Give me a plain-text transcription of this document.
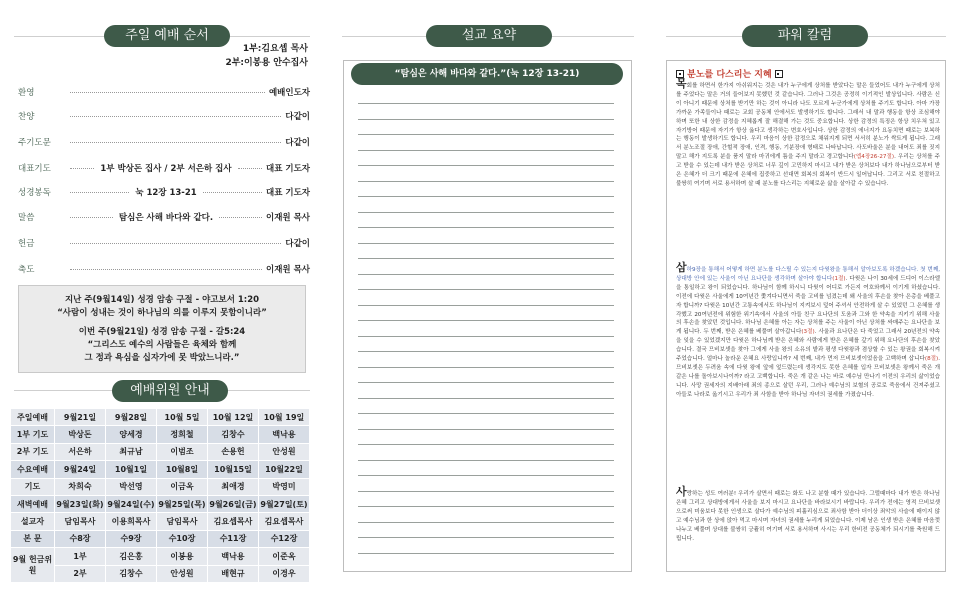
주일 예배 순서
1부:김요셉 목사
2부:이봉용 안수집사
환영	예배인도자
찬양	다같이
주기도문	다같이
대표기도	1부 박상돈 집사 / 2부 서은하 집사	대표 기도자
성경봉독	눅 12장 13-21	대표 기도자
말씀	탐심은 사해 바다와 같다.	이재원 목사
헌금	다같이
축도	이재원 목사
지난 주(9월14일) 성경 암송 구절 - 야고보서 1:20
“사람이 성내는 것이 하나님의 의를 이루지 못함이니라”
이번 주(9월21일) 성경 암송 구절 - 갈5:24
“그리스도 예수의 사람들은 육체와 함께
그 정과 욕심을 십자가에 못 박았느니라.”
예배위원 안내
주일예배	9월21일	9월28일	10월 5일	10월 12일	10월 19일
1부 기도	박상돈	양세경	정희철	김창수	백낙용
2부 기도	서은하	최규남	이범조	손용헌	안성원
수요예배	9월24일	10월1일	10월8일	10월15일	10월22일
기도	차희숙	박선영	이금옥	최애경	박영미
새벽예배	9월23일(화)	9월24일(수)	9월25일(목)	9월26일(금)	9월27일(토)
설교자	담임목사	이용희목사	담임목사	김요셉목사	김요셉목사
본 문	수8장	수9장	수10장	수11장	수12장
9월 헌금위원	1부	김은홍	이봉용	백낙용	이준옥
	2부	김창수	안성원	배현규	이경우
설교 요약
“탐심은 사해 바다와 같다.”(눅 12장 13-21)
파워 칼럼
분노를 다스리는 지혜
목회를 하면서 한가지 아쉬워지는 것은 내가 누구에게 상처를 받았다는 말은 들었어도 내가 누구에게 상처를 주었다는 말은 거의 들어보지 못했던 것 같습니다. 그러나 그것은 공정히 이기적인 발상입니다. 사람은 신이 아니기 때문에 상처를 받기만 하는 것이 아니라 나도 모르게 누군가에게 상처를 주기도 합니다. 아마 가장 가까운 가족들이나 때로는 교회 공동체 안에서도 발생하기도 합니다. 그래서 내 말과 행동을 항상 조심해야 하며 또한 내 상한 감정을 지혜롭게 잘 해결해 가는 것도 중요합니다. 상한 감정의 특징은 항상 치우쳐 있고 자기방어 때문에 자기가 항상 옳다고 생각하는 변호사입니다. 상한 감정의 에너지가 요동치면 때로는 보복하는 행동이 발생하기도 합니다. 우리 마음이 상한 감정으로 채워지게 되면 서서히 분노가 싹트게 됩니다. 그래서 분노조절 장애, 간헐적 장애, 인격, 행동, 기분장애 형태로 나타납니다. 사도바울은 분을 내어도 죄를 짓지 말고 해가 지도록 분을 품지 말라 마귀에게 틈을 주지 말라고 경고합니다(엡4장26-27절). 우리는 상처를 주고 받을 수 있는데 내가 받은 상처로 너무 깊이 고민하지 마시고 내가 받은 상처보다 내가 하나님으로부터 받은 은혜가 더 크기 때문에 은혜에 집중하고 선대면 회복의 회복이 반드시 일어납니다. 그리고 서로 친절하고 불쌍히 여기며 서로 용서하며 살 때 분노를 다스리는 지혜로운 삶을 살아갈 수 있습니다.
삼하9장을 통해서 어떻게 하면 분노를 다스릴 수 있는지 다윗왕을 통해서 알아보도록 하겠습니다. 첫 번째, 상대방 안에 있는 사울이 아닌 요나단을 생각하며 살아야 합니다(1절). 다윗은 나이 30세에 드디어 이스라엘을 통일하고 왕이 되었습니다. 하나님이 함께 하시니 다윗이 어디로 가든지 여호와께서 이기게 하셨습니다. 이전에 다윗은 사울에게 10여년간 쫓겨다니면서 죽을 고비를 넘겼는데 왜 사울의 후손을 찾아 은총을 베풀고자 합니까? 다윗은 10년간 고통속에서도 하나님이 지켜보시 덮어 주셔서 안전하게 살 수 있었던 그 은혜를 생각했고 20여년전에 위험한 위기속에서 사울의 아들 친구 요나단의 도움과 그와 한 약속을 지키기 위해 사울의 후손을 찾았던 것입니다. 하나님 은혜를 아는 자는 상처를 주는 사울이 아닌 상처를 싸매주는 요나단을 보게 됩니다. 두 번째, 받은 은혜를 베풀며 살아갑니다(3절). 사울과 요나단은 다 죽었고 그래서 20년전의 약속을 잊을 수 있었겠지만 다윗은 하나님께 받은 은혜와 사람에게 받은 은혜를 갚기 위해 요나단의 후손을 찾았습니다. 결국 므비보셋을 찾아 그에게 사울 왕의 소유의 밭과 평생 다윗왕과 겸상할 수 있는 왕권을 회복시켜 주었습니다. 얼마나 놀라운 은혜요 사랑입니까? 세 번째, 내가 먼저 므비보셋이었음을 고백하며 삽니다(8절). 므비보셋은 두려움 속에 다윗 왕에 앞에 엎드렸는데 생각지도 못한 은혜를 입자 므비보셋은 왕께서 죽은 개 같은 나를 돌아보시나이까? 라고 고백합니다. 죽은 개 같은 나는 바로 예수님 만나기 이전의 우리의 삶이었습니다. 사망 권세자의 지배아래 죄의 종으로 살던 우리, 그러나 예수님의 보혈의 공로로 죽음에서 건져주셨고 아들로 나라로 옮기시고 우리가 죄 사함을 받아 하나님 자녀의 권세를 가졌습니다.
사랑하는 성도 여러분! 우리가 살면서 때로는 화도 나고 분할 때가 있습니다. 그럴때마다 내가 받은 하나님 은혜 그리고 상대방에게서 사울을 보지 마시고 요나단을 바라보시기 바랍니다. 우리가 전에는 영적 므비보셋으로써 미움보다 못한 인생으로 살다가 예수님의 피흘리심으로 죄사함 받아 더이상 죄악의 사슬에 매이지 않고 예수님과 한 상에 앉아 먹고 마시며 자녀의 권세를 누리게 되었습니다. 이제 남은 인생 받은 은혜를 마음껏 나누고 베풀며 상대를 불쌍히 긍휼히 여기며 서로 용서하며 사시는 우리 한비전 공동체가 되시기를 축원해 드립니다.
